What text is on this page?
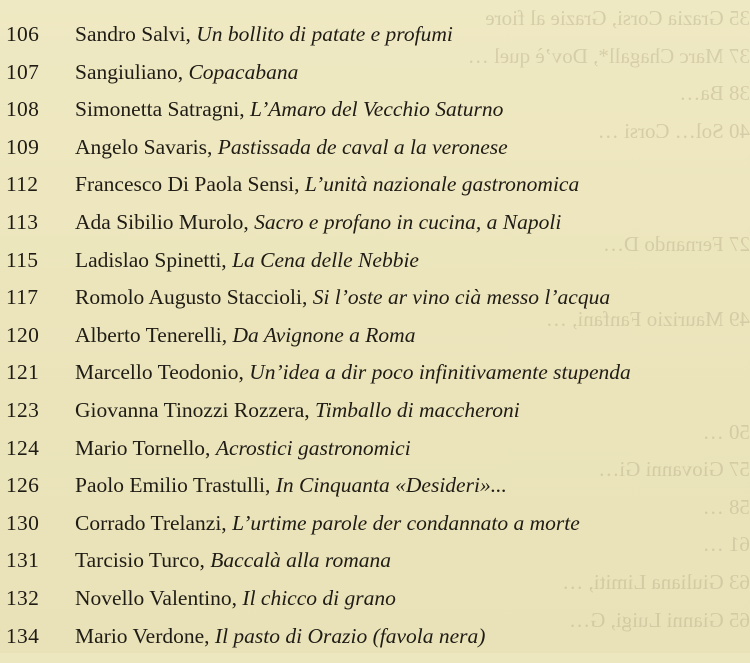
35 Grazia Corsi, Grazie al fiore
37 Marc Chagall*, Dov’è quel …
38 Ba…
40 Sol… Corsi …
27 Fernando D…
49 Maurizio Fanfani, …
50 …
57 Giovanni Gi…
58 …
61 …
63 Giuliana Limiti, …
65 Gianni Luigi, G…
106 Sandro Salvi, Un bollito di patate e profumi
107 Sangiuliano, Copacabana
108 Simonetta Satragni, L’Amaro del Vecchio Saturno
109 Angelo Savaris, Pastissada de caval a la veronese
112 Francesco Di Paola Sensi, L’unità nazionale gastronomica
113 Ada Sibilio Murolo, Sacro e profano in cucina, a Napoli
115 Ladislao Spinetti, La Cena delle Nebbie
117 Romolo Augusto Staccioli, Si l’oste ar vino cià messo l’acqua
120 Alberto Tenerelli, Da Avignone a Roma
121 Marcello Teodonio, Un’idea a dir poco infinitivamente stupenda
123 Giovanna Tinozzi Rozzera, Timballo di maccheroni
124 Mario Tornello, Acrostici gastronomici
126 Paolo Emilio Trastulli, In Cinquanta «Desideri»...
130 Corrado Trelanzi, L’urtime parole der condannato a morte
131 Tarcisio Turco, Baccalà alla romana
132 Novello Valentino, Il chicco di grano
134 Mario Verdone, Il pasto di Orazio (favola nera)
